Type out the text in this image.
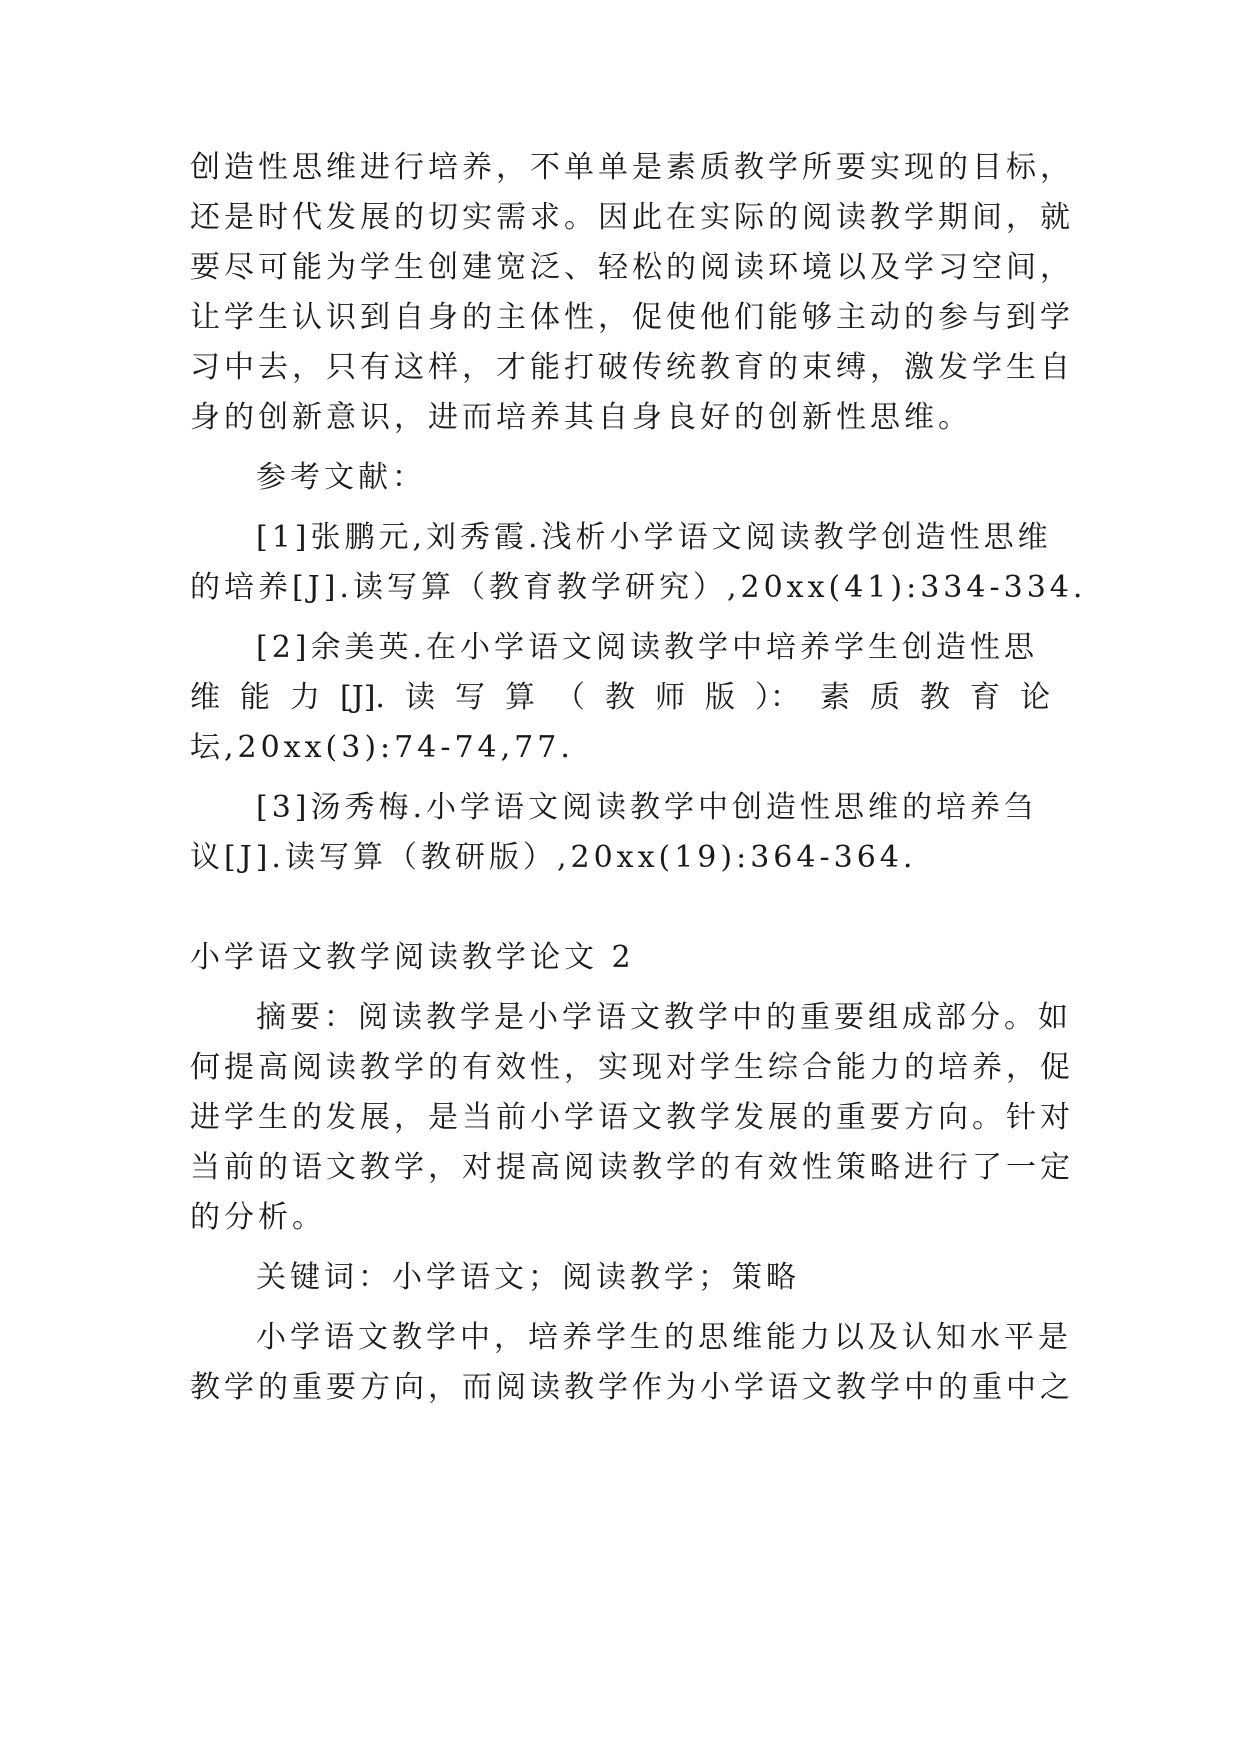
创造性思维进行培养，不单单是素质教学所要实现的目标，
还是时代发展的切实需求。因此在实际的阅读教学期间，就
要尽可能为学生创建宽泛、轻松的阅读环境以及学习空间，
让学生认识到自身的主体性，促使他们能够主动的参与到学
习中去，只有这样，才能打破传统教育的束缚，激发学生自
身的创新意识，进而培养其自身良好的创新性思维。
参考文献：
[1]张鹏元,刘秀霞.浅析小学语文阅读教学创造性思维
的培养[J].读写算（教育教学研究）,20xx(41):334-334.
[2]余美英.在小学语文阅读教学中培养学生创造性思
维 能 力 [J]. 读 写 算 （ 教 师 版 ）： 素 质 教 育 论
坛,20xx(3):74-74,77.
[3]汤秀梅.小学语文阅读教学中创造性思维的培养刍
议[J].读写算（教研版）,20xx(19):364-364.
小学语文教学阅读教学论文 2
摘要：阅读教学是小学语文教学中的重要组成部分。如
何提高阅读教学的有效性，实现对学生综合能力的培养，促
进学生的发展，是当前小学语文教学发展的重要方向。针对
当前的语文教学，对提高阅读教学的有效性策略进行了一定
的分析。
关键词：小学语文；阅读教学；策略
小学语文教学中，培养学生的思维能力以及认知水平是
教学的重要方向，而阅读教学作为小学语文教学中的重中之
